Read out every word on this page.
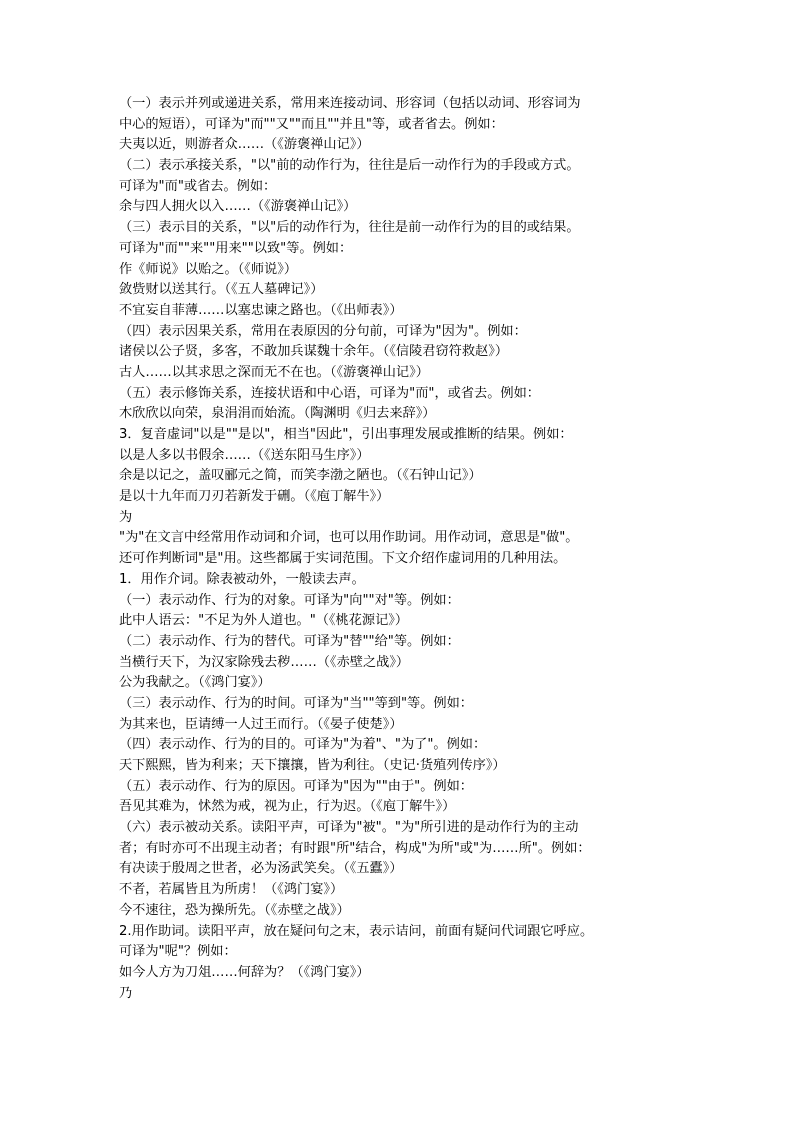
（一）表示并列或递进关系，常用来连接动词、形容词（包括以动词、形容词为
中心的短语），可译为"而""又""而且""并且"等，或者省去。例如：
夫夷以近，则游者众……（《游褒禅山记》）
（二）表示承接关系，"以"前的动作行为，往往是后一动作行为的手段或方式。
可译为"而"或省去。例如：
余与四人拥火以入……（《游褒禅山记》）
（三）表示目的关系，"以"后的动作行为，往往是前一动作行为的目的或结果。
可译为"而""来""用来""以致"等。例如：
作《师说》以贻之。（《师说》）
敛赀财以送其行。（《五人墓碑记》）
不宜妄自菲薄……以塞忠谏之路也。（《出师表》）
（四）表示因果关系，常用在表原因的分句前，可译为"因为"。例如：
诸侯以公子贤，多客，不敢加兵谋魏十余年。（《信陵君窃符救赵》）
古人……以其求思之深而无不在也。（《游褒禅山记》）
（五）表示修饰关系，连接状语和中心语，可译为"而"，或省去。例如：
木欣欣以向荣，泉涓涓而始流。（陶渊明《归去来辞》）
3．复音虚词"以是""是以"，相当"因此"，引出事理发展或推断的结果。例如：
以是人多以书假余……（《送东阳马生序》）
余是以记之，盖叹郦元之简，而笑李渤之陋也。（《石钟山记》）
是以十九年而刀刃若新发于硎。（《庖丁解牛》）
为
"为"在文言中经常用作动词和介词，也可以用作助词。用作动词，意思是"做"。
还可作判断词"是"用。这些都属于实词范围。下文介绍作虚词用的几种用法。
1．用作介词。除表被动外，一般读去声。
（一）表示动作、行为的对象。可译为"向""对"等。例如：
此中人语云："不足为外人道也。"（《桃花源记》）
（二）表示动作、行为的替代。可译为"替""给"等。例如：
当横行天下，为汉家除残去秽……（《赤壁之战》）
公为我献之。（《鸿门宴》）
（三）表示动作、行为的时间。可译为"当""等到"等。例如：
为其来也，臣请缚一人过王而行。（《晏子使楚》）
（四）表示动作、行为的目的。可译为"为着"、"为了"。例如：
天下熙熙，皆为利来；天下攘攘，皆为利往。（史记·货殖列传序》）
（五）表示动作、行为的原因。可译为"因为""由于"。例如：
吾见其难为，怵然为戒，视为止，行为迟。（《庖丁解牛》）
（六）表示被动关系。读阳平声，可译为"被"。"为"所引进的是动作行为的主动
者；有时亦可不出现主动者；有时跟"所"结合，构成"为所"或"为……所"。例如：
有决读于殷周之世者，必为汤武笑矣。（《五蠹》）
不者，若属皆且为所虏！（《鸿门宴》）
今不速往，恐为操所先。（《赤壁之战》）
2.用作助词。读阳平声，放在疑问句之末，表示诘问，前面有疑问代词跟它呼应。
可译为"呢"？例如：
如今人方为刀俎……何辞为？（《鸿门宴》）
乃
